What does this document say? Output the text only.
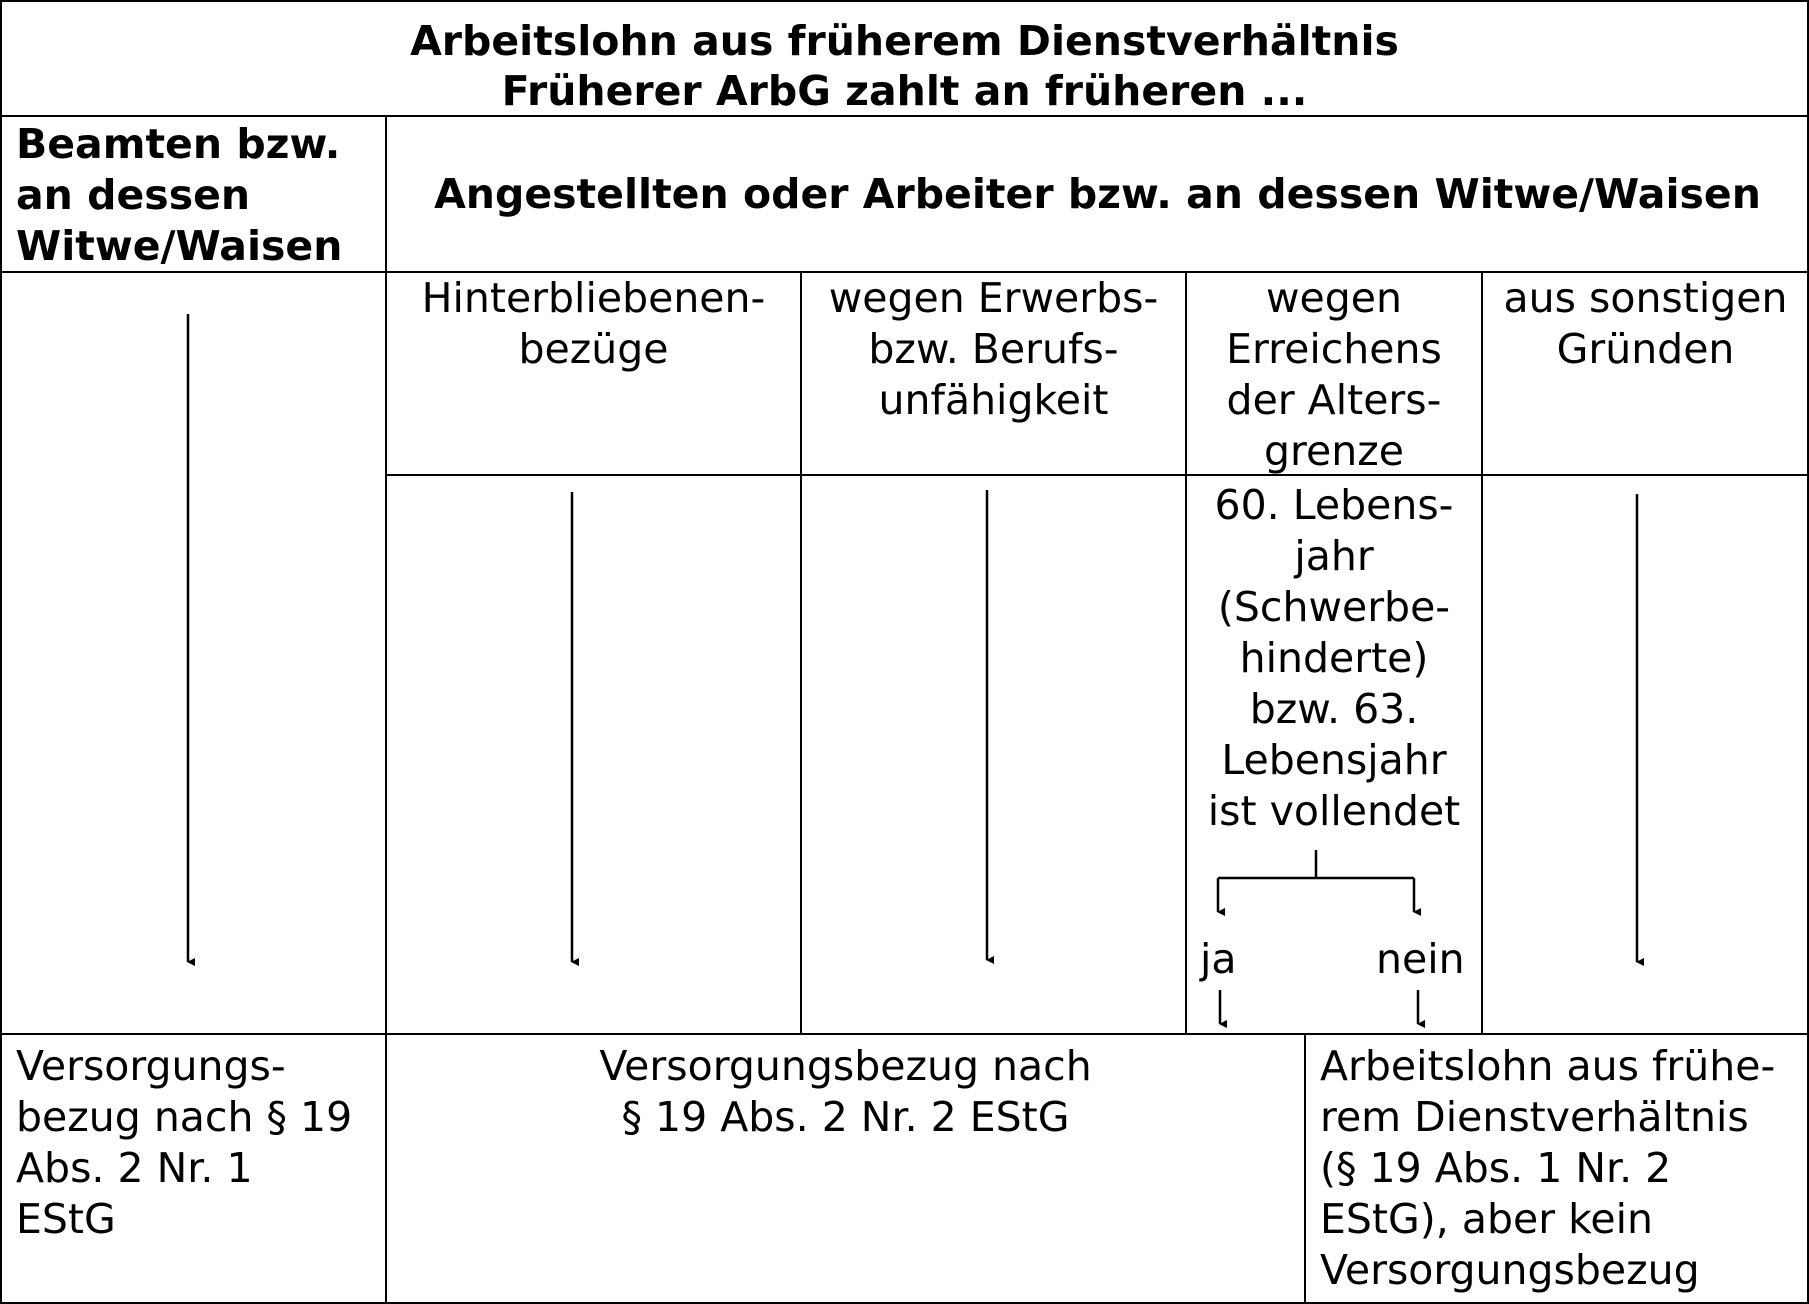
Arbeitslohn aus früherem Dienstverhältnis
Früherer ArbG zahlt an früheren ...
Beamten bzw.
an dessen
Witwe/Waisen
Angestellten oder Arbeiter bzw. an dessen Witwe/Waisen
Hinterbliebenen-
bezüge
wegen Erwerbs-
bzw. Berufs-
unfähigkeit
wegen
Erreichens
der Alters-
grenze
aus sonstigen
Gründen
60. Lebens-
jahr
(Schwerbe-
hinderte)
bzw. 63.
Lebensjahr
ist vollendet
ja	nein
Versorgungs-
bezug nach § 19
Abs. 2 Nr. 1
EStG
Versorgungsbezug nach
§ 19 Abs. 2 Nr. 2 EStG
Arbeitslohn aus frühe-
rem Dienstverhältnis
(§ 19 Abs. 1 Nr. 2
EStG), aber kein
Versorgungsbezug
